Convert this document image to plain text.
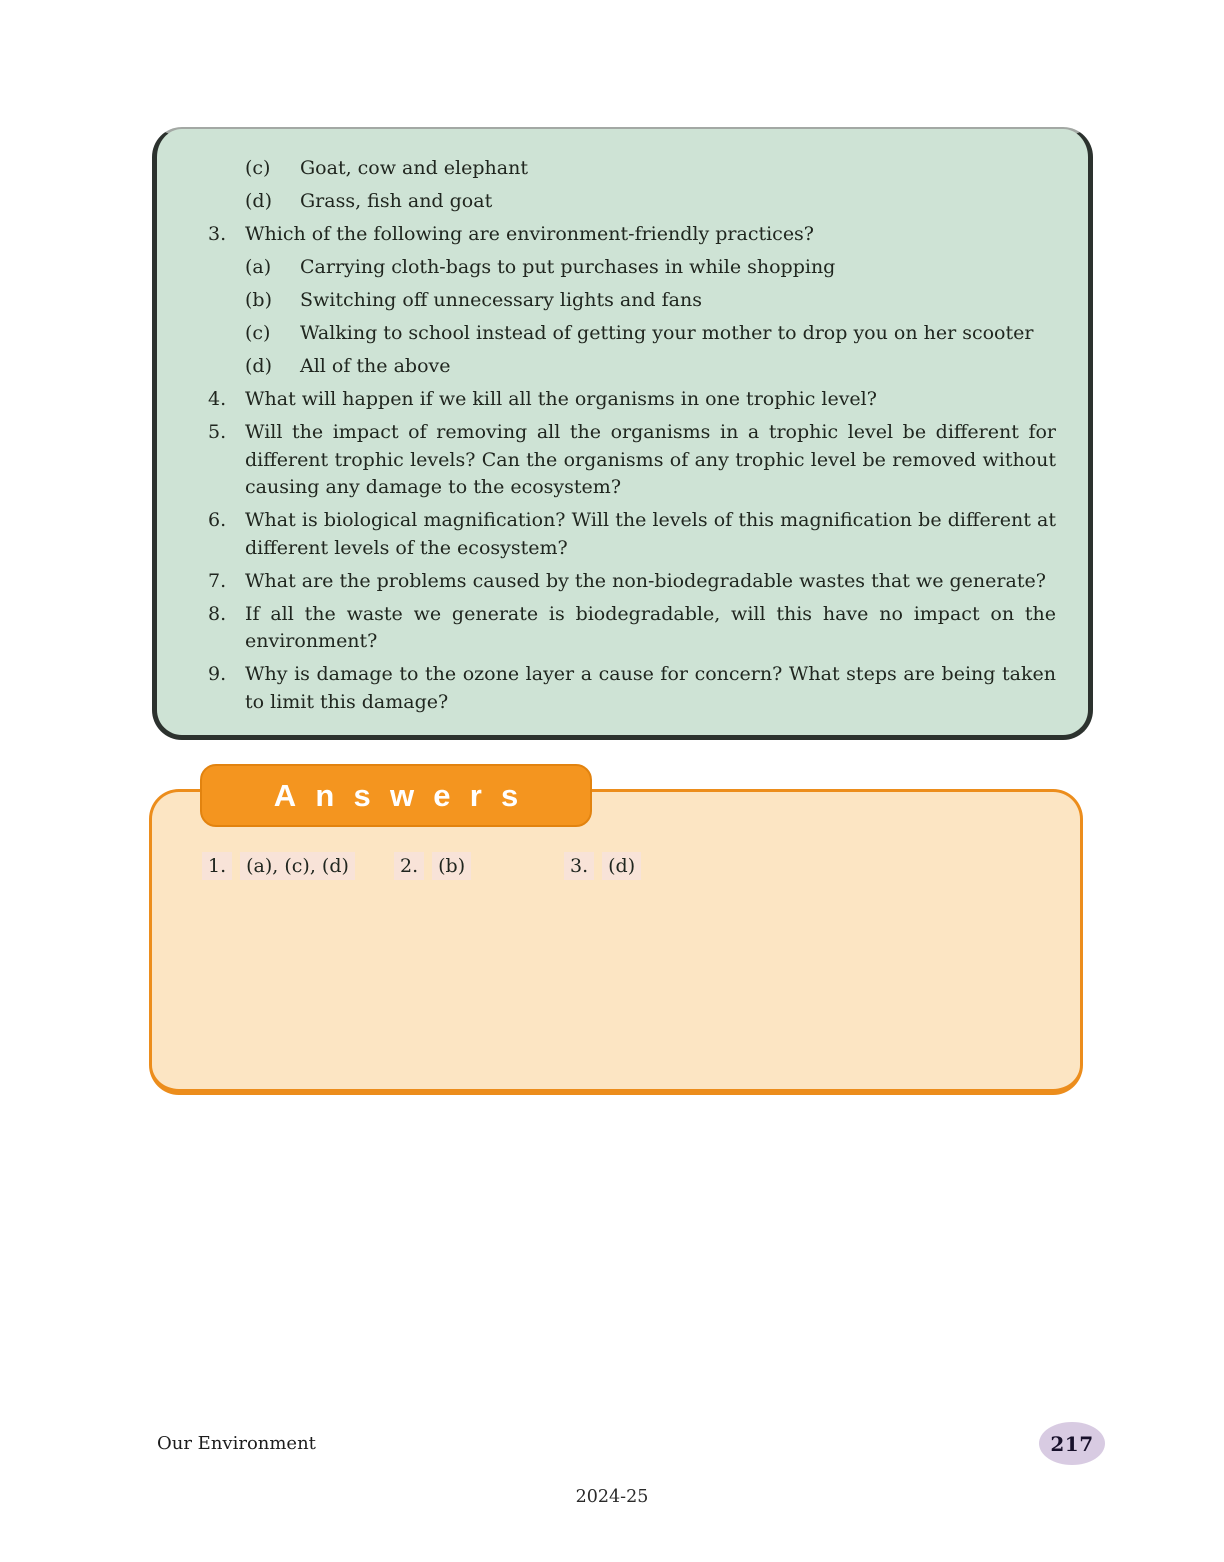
(c)	Goat, cow and elephant
(d)	Grass, fish and goat
3. Which of the following are environment-friendly practices?
(a)	Carrying cloth-bags to put purchases in while shopping
(b)	Switching off unnecessary lights and fans
(c)	Walking to school instead of getting your mother to drop you on her scooter
(d)	All of the above
4. What will happen if we kill all the organisms in one trophic level?
5. Will the impact of removing all the organisms in a trophic level be different for different trophic levels? Can the organisms of any trophic level be removed without causing any damage to the ecosystem?
6. What is biological magnification? Will the levels of this magnification be different at different levels of the ecosystem?
7. What are the problems caused by the non-biodegradable wastes that we generate?
8. If all the waste we generate is biodegradable, will this have no impact on the environment?
9. Why is damage to the ozone layer a cause for concern? What steps are being taken to limit this damage?
Answers
1. (a), (c), (d)	2. (b)	3. (d)
Our Environment	217
2024-25
